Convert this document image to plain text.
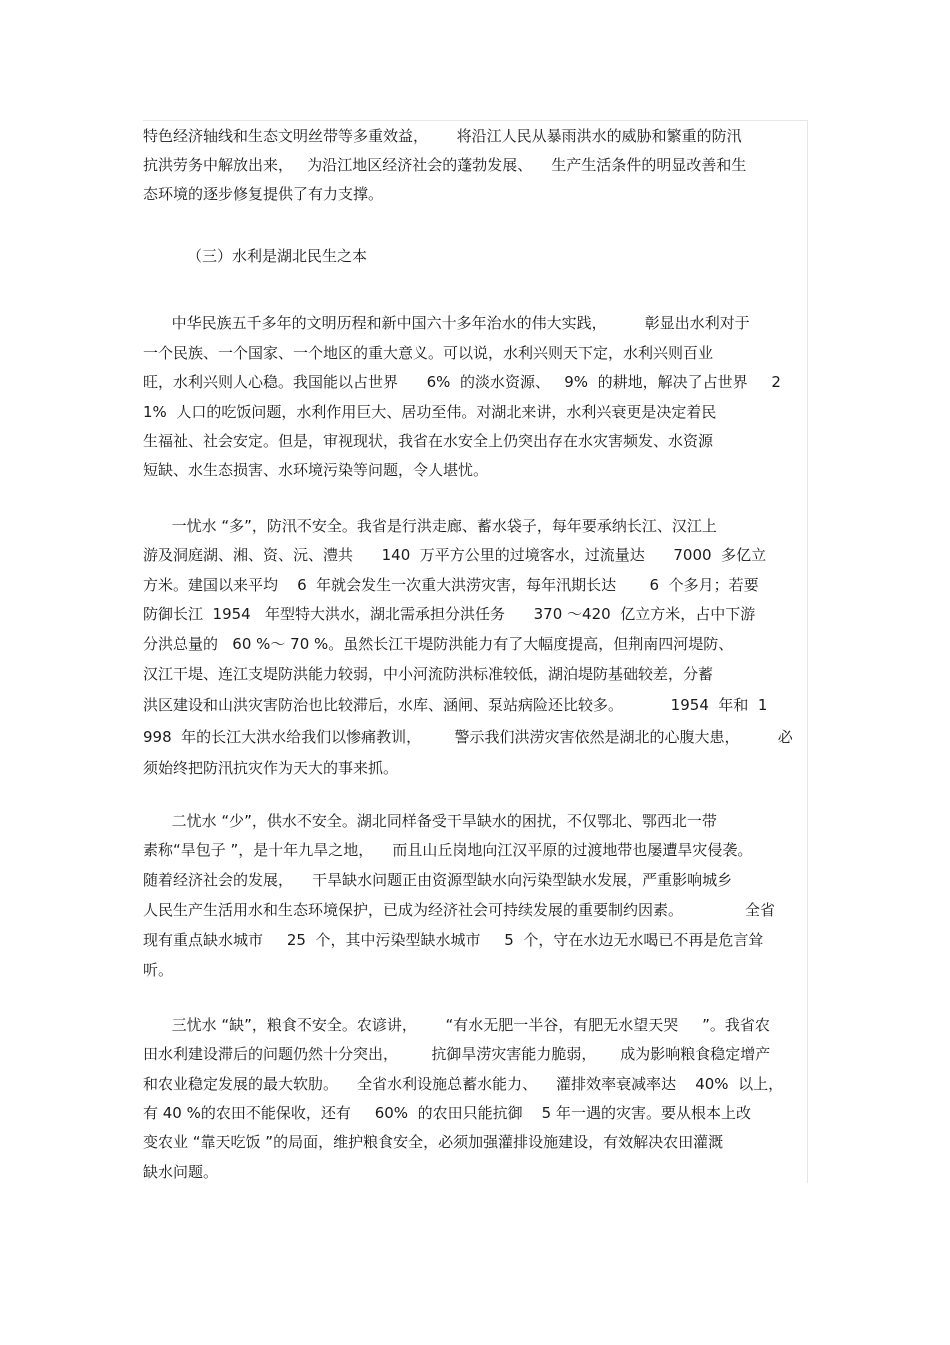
特色经济轴线和生态文明丝带等多重效益，      将沿江人民从暴雨洪水的威胁和繁重的防汛
抗洪劳务中解放出来，   为沿江地区经济社会的蓬勃发展、    生产生活条件的明显改善和生
态环境的逐步修复提供了有力支撑。
（三）水利是湖北民生之本
中华民族五千多年的文明历程和新中国六十多年治水的伟大实践，        彰显出水利对于
一个民族、一个国家、一个地区的重大意义。可以说，水利兴则天下定，水利兴则百业
旺，水利兴则人心稳。我国能以占世界      6%  的淡水资源、   9%  的耕地，解决了占世界     2
1%  人口的吃饭问题，水利作用巨大、居功至伟。对湖北来讲，水利兴衰更是决定着民
生福祉、社会安定。但是，审视现状，我省在水安全上仍突出存在水灾害频发、水资源
短缺、水生态损害、水环境污染等问题，令人堪忧。
一忧水 “多”，防汛不安全。我省是行洪走廊、蓄水袋子，每年要承纳长江、汉江上
游及洞庭湖、湘、资、沅、澧共      140  万平方公里的过境客水，过流量达      7000  多亿立
方米。建国以来平均    6  年就会发生一次重大洪涝灾害，每年汛期长达       6  个多月；若要
防御长江  1954   年型特大洪水，湖北需承担分洪任务      370 ～420  亿立方米，占中下游
分洪总量的   60 %～ 70 %。虽然长江干堤防洪能力有了大幅度提高，但荆南四河堤防、
汉江干堤、连江支堤防洪能力较弱，中小河流防洪标准较低，湖泊堤防基础较差，分蓄
洪区建设和山洪灾害防治也比较滞后，水库、涵闸、泵站病险还比较多。          1954  年和  1
998  年的长江大洪水给我们以惨痛教训，       警示我们洪涝灾害依然是湖北的心腹大患，        必
须始终把防汛抗灾作为天大的事来抓。
二忧水 “少”，供水不安全。湖北同样备受干旱缺水的困扰，不仅鄂北、鄂西北一带
素称“旱包子 ”，是十年九旱之地，    而且山丘岗地向江汉平原的过渡地带也屡遭旱灾侵袭。
随着经济社会的发展，    干旱缺水问题正由资源型缺水向污染型缺水发展，严重影响城乡
人民生产生活用水和生态环境保护，已成为经济社会可持续发展的重要制约因素。             全省
现有重点缺水城市     25  个，其中污染型缺水城市     5  个，守在水边无水喝已不再是危言耸
听。
三忧水 “缺”，粮食不安全。农谚讲，      “有水无肥一半谷，有肥无水望天哭     ”。我省农
田水利建设滞后的问题仍然十分突出，       抗御旱涝灾害能力脆弱，     成为影响粮食稳定增产
和农业稳定发展的最大软肋。    全省水利设施总蓄水能力、    灌排效率衰减率达    40%  以上，
有 40 %的农田不能保收，还有     60%  的农田只能抗御    5 年一遇的灾害。要从根本上改
变农业 “靠天吃饭 ”的局面，维护粮食安全，必须加强灌排设施建设，有效解决农田灌溉
缺水问题。
